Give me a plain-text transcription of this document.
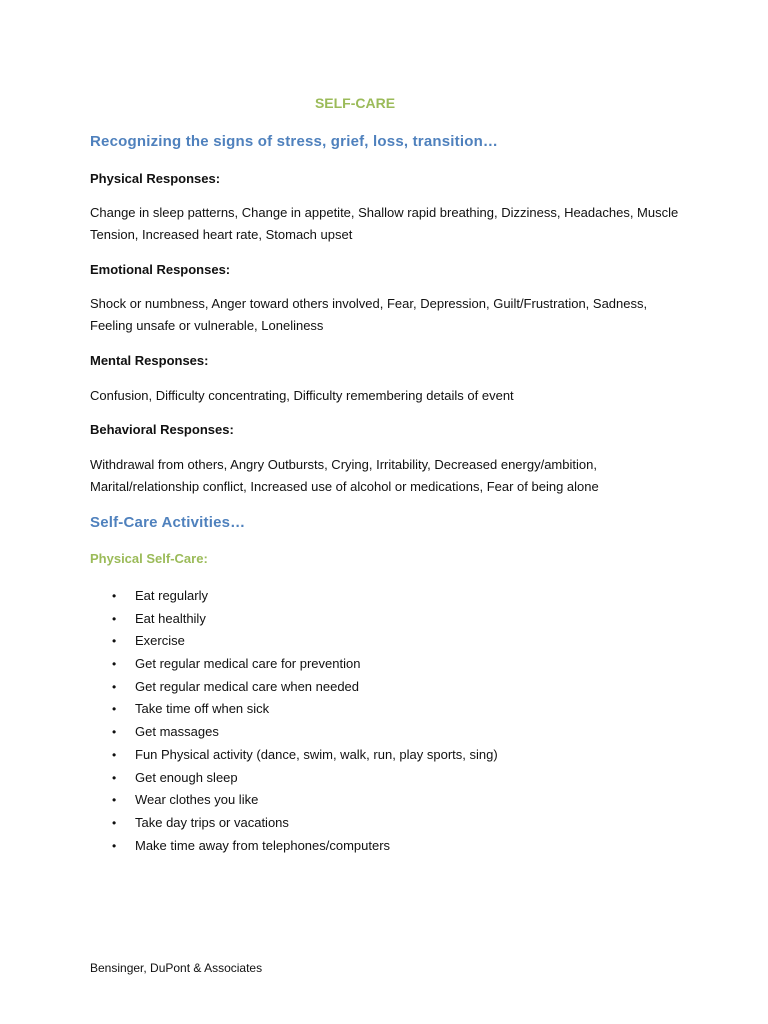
SELF-CARE
Recognizing the signs of stress, grief, loss, transition…
Physical Responses:
Change in sleep patterns, Change in appetite, Shallow rapid breathing, Dizziness, Headaches, Muscle Tension, Increased heart rate, Stomach upset
Emotional Responses:
Shock or numbness, Anger toward others involved, Fear, Depression, Guilt/Frustration, Sadness, Feeling unsafe or vulnerable, Loneliness
Mental Responses:
Confusion, Difficulty concentrating, Difficulty remembering details of event
Behavioral Responses:
Withdrawal from others, Angry Outbursts, Crying, Irritability, Decreased energy/ambition, Marital/relationship conflict, Increased use of alcohol or medications, Fear of being alone
Self-Care Activities…
Physical Self-Care:
• Eat regularly
• Eat healthily
• Exercise
• Get regular medical care for prevention
• Get regular medical care when needed
• Take time off when sick
• Get massages
• Fun Physical activity (dance, swim, walk, run, play sports, sing)
• Get enough sleep
• Wear clothes you like
• Take day trips or vacations
• Make time away from telephones/computers
Bensinger, DuPont & Associates
